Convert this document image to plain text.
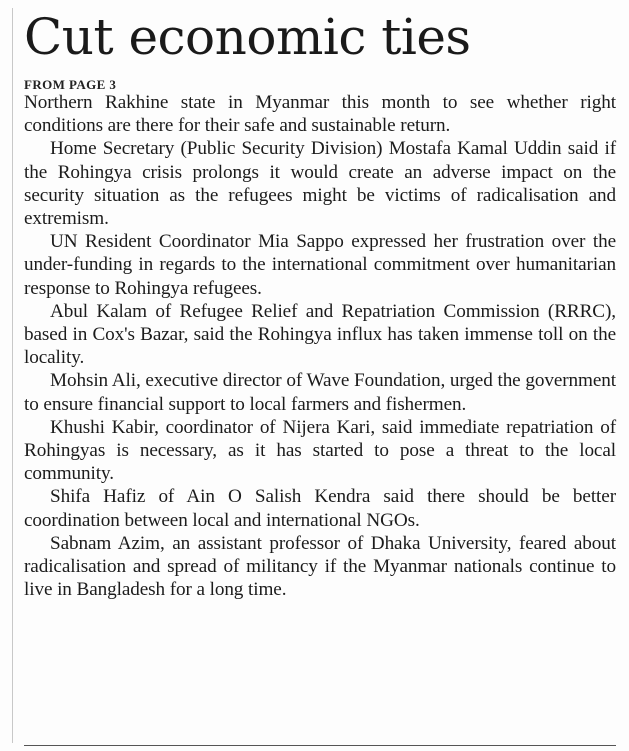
Cut economic ties
FROM PAGE 3

Northern Rakhine state in Myanmar this month to see whether right conditions are there for their safe and sustainable return.

Home Secretary (Public Security Division) Mostafa Kamal Uddin said if the Rohingya crisis prolongs it would create an adverse impact on the security situation as the refugees might be victims of radicalisation and extremism.

UN Resident Coordinator Mia Sappo expressed her frustration over the under-funding in regards to the international commitment over humanitarian response to Rohingya refugees.

Abul Kalam of Refugee Relief and Repatriation Commission (RRRC), based in Cox's Bazar, said the Rohingya influx has taken immense toll on the locality.

Mohsin Ali, executive director of Wave Foundation, urged the government to ensure financial support to local farmers and fishermen.

Khushi Kabir, coordinator of Nijera Kari, said immediate repatriation of Rohingyas is necessary, as it has started to pose a threat to the local community.

Shifa Hafiz of Ain O Salish Kendra said there should be better coordination between local and international NGOs.

Sabnam Azim, an assistant professor of Dhaka University, feared about radicalisation and spread of militancy if the Myanmar nationals continue to live in Bangladesh for a long time.
